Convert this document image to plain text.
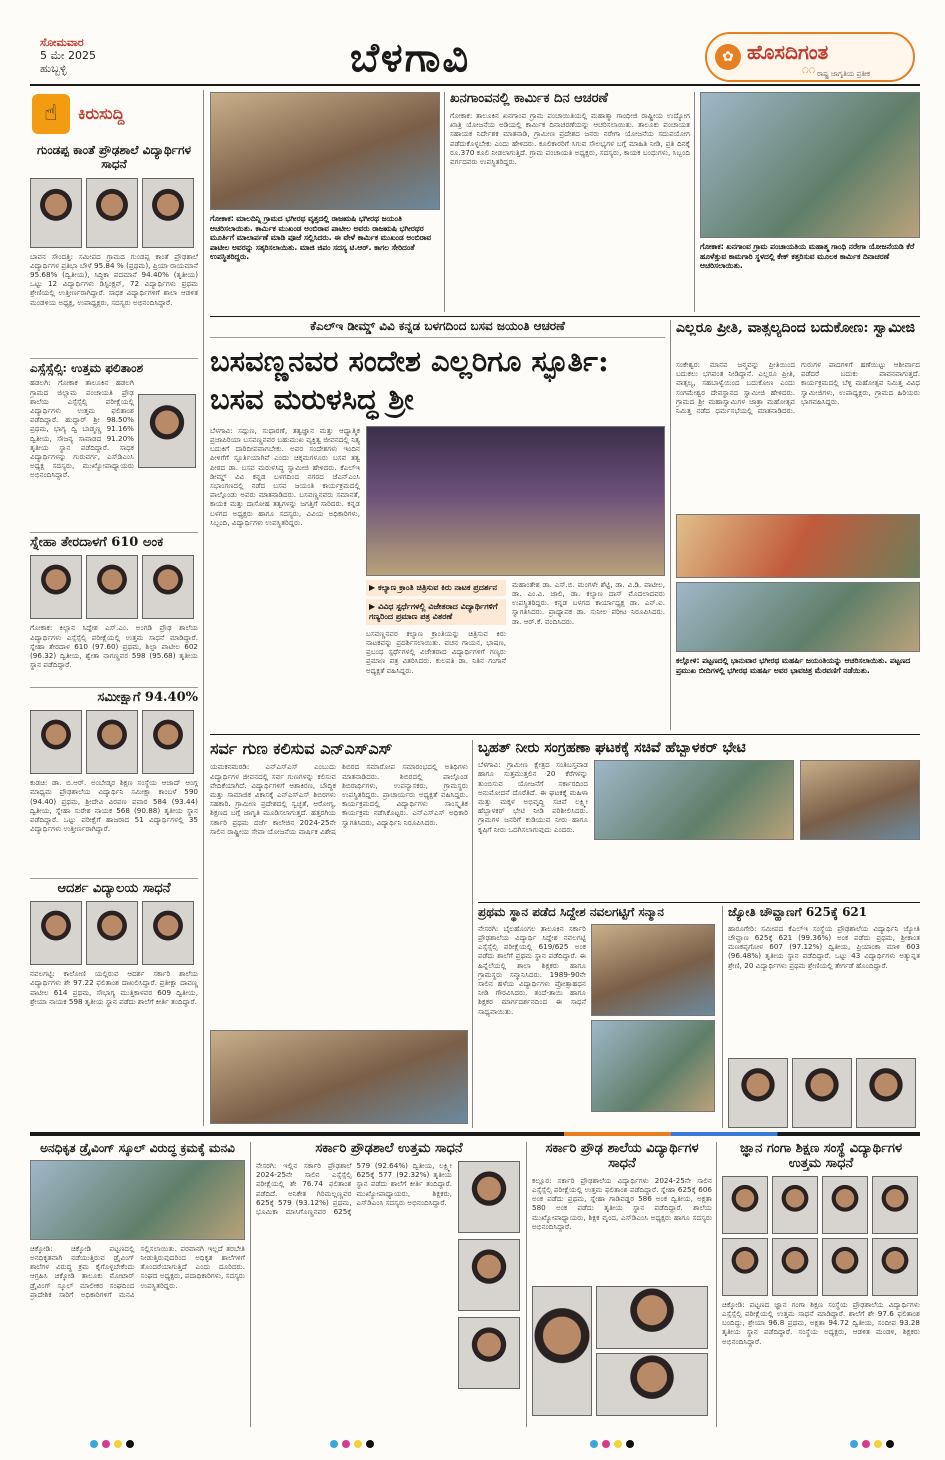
ಸೋಮವಾರ
5 ಮೇ 2025
ಹುಬ್ಬಳ್ಳಿ	ಬೆಳಗಾವಿ	✿ ಹೊಸದಿಗಂತ
೧೧ ರಾಷ್ಟ್ರ ಜಾಗೃತಿಯ ಪ್ರತೀಕ
☝	ಕಿರುಸುದ್ದಿ
ಗುಂಡಪ್ಪ ಕಾಂತೆ ಪ್ರೌಢಶಾಲೆ ವಿದ್ಯಾರ್ಥಿಗಳ ಸಾಧನೆ
ಬಾವನ ಸೌಂದತ್ತಿ: ಸಮೀಪದ ಗ್ರಾಮದ ಗುಂಡಪ್ಪ ಕಾಂತೆ ಪ್ರೌಢಶಾಲೆ ವಿದ್ಯಾರ್ಥಿಗಳ ಪ್ರತಿಭಾ ಬೌಳೆ 95.84 % (ಪ್ರಥಮ), ಪ್ರಿಯಾ ರಾಯಮಾನೆ 95.68% (ದ್ವಿತೀಯ), ಸಿದ್ಧಿಕಾ ಪದಮಾನೆ 94.40% (ತೃತೀಯ) ಒಟ್ಟು 12 ವಿದ್ಯಾರ್ಥಿಗಳು ಡಿಸ್ಟಿಂಕ್ಷನ್, 72 ವಿದ್ಯಾರ್ಥಿಗಳು ಪ್ರಥಮ ಶ್ರೇಣಿಯಲ್ಲಿ ಉತ್ತೀರ್ಣರಾಗಿದ್ದಾರೆ. ಸಾಧಕ ವಿದ್ಯಾರ್ಥಿಗಳಿಗೆ ಶಾಲಾ ಆಡಳಿತ ಮಂಡಳಿಯ ಅಧ್ಯಕ್ಷ, ಉಪಾಧ್ಯಕ್ಷರು, ಸದಸ್ಯರು ಅಭಿನಂದಿಸಿದ್ದಾರೆ.
ಎಸ್ಸೆಸ್ಸೆಲ್ಸಿ: ಉತ್ತಮ ಫಲಿತಾಂಶ
ಹಡಲಗಿ: ಗೋಕಾಕ ತಾಲೂಕಿನ ಹಡಲಗಿ ಗ್ರಾಮದ ಜಿಲ್ಲಾಮ ಪಂಚಾಯತಿ ಪ್ರೌಢ ಶಾಲೆಯ ಎಸ್ಸೆಸ್ಸೆಲ್ಸಿ ಪರೀಕ್ಷೆಯಲ್ಲಿ ವಿದ್ಯಾರ್ಥಿಗಳು ಉತ್ತಮ ಫಲಿತಾಂಶ ಪಡೆದಿದ್ದಾರೆ. ಹುದ್ದಾರ್‌ ಶ್ರೀ 98.50% ಪ್ರಥಮ, ಭಾಗ್ಯ ದ್ವಿ ಬಾಡ್ಮಣ್ಣ 91.16% ದ್ವಿತೀಯ, ಸೌಜನ್ಯ ಸಾವಾಡದ 91.20% ತೃತೀಯ ಸ್ಥಾನ ಪಡೆದಿದ್ದಾರೆ. ಸಾಧಕ ವಿದ್ಯಾರ್ಥಿಗಳನ್ನು ಗುರುವರ್ಗ, ಎಸ್‌ಡಿಎಂಸಿ ಅಧ್ಯಕ್ಷ ಸದಸ್ಯರು, ಮುಖ್ಯೋಪಾಧ್ಯಾಯರು ಅಭಿನಂದಿಸಿದ್ದಾರೆ.
ಸ್ನೇಹಾ ತೇರದಾಳಗೆ 610 ಅಂಕ
ಗೋಕಾಕ: ಕಿಲ್ಲಾನ ಸಿದ್ದೇಶ ಎಸ್‌.ಎಂ. ಅಂಗಡಿ ಪ್ರೌಢ ಶಾಲೆಯ ವಿದ್ಯಾರ್ಥಿಗಳು ಎಸ್ಸೆಸ್ಸೆಲ್ಸಿ ಪರೀಕ್ಷೆಯಲ್ಲಿ ಉತ್ತಮ ಸಾಧನೆ ಮಾಡಿದ್ದಾರೆ. ಸ್ನೇಹಾ ತೇರದಾಳ 610 (97.60) ಪ್ರಥಮ, ಶಿಲ್ಪಾ ಪಾಟೀಲ 602 (96.32) ದ್ವಿತೀಯ, ಶ್ವೇತಾ ನಾಗಣ್ಣವರ 598 (95.68) ತೃತೀಯ ಸ್ಥಾನ ಪಡೆದಿದ್ದಾರೆ.
ಸಮೀಕ್ಷಾಗೆ 94.40%
ಕುಡಚಿ: ಡಾ. ಬಿ.ಆರ್‌. ಅಂಬೇಡ್ಕರ ಶಿಕ್ಷಣ ಸಂಸ್ಥೆಯ ಆಜಾದ್‌ ಆಂಗ್ಲ ಮಾಧ್ಯಮ ಪ್ರೌಢಶಾಲೆಯ ವಿದ್ಯಾರ್ಥಿನಿ ಸಮೀಕ್ಷಾ ಕಾಂಬಳೆ 590 (94.40) ಪ್ರಥಮ, ಶ್ರೀದೇವಿ ವಿರಪಣ ಪವಾರ 584 (93.44) ದ್ವಿತೀಯ, ಸ್ನೇಹಾ ಸುರೇಶ ನಾಯಕ 568 (90.88) ತೃತೀಯ ಸ್ಥಾನ ಪಡೆದಿದ್ದಾರೆ. ಒಟ್ಟು ಪರೀಕ್ಷೆಗೆ ಹಾಜರಾದ 51 ವಿದ್ಯಾರ್ಥಿಗಳಲ್ಲಿ 35 ವಿದ್ಯಾರ್ಥಿಗಳು ಉತ್ತೀರ್ಣರಾಗಿದ್ದಾರೆ.
ಆದರ್ಶ ವಿದ್ಯಾಲಯ ಸಾಧನೆ
ನವಲಗಟ್ಟಿ: ಕಾಲೋಣಿ ಯಲ್ಲಿರುವ ಆದರ್ಶ ಸರ್ಕಾರಿ ಶಾಲೆಯ ವಿದ್ಯಾರ್ಥಿಗಳು ಶೇ 97.22 ಫಲಿತಾಂಶ ದಾಖಲಿಸಿದ್ದಾರೆ. ಪ್ರತೀಕ್ಷಾ ದಾವಣ್ಣ ಪಾಟೀಲ 614 ಪ್ರಥಮ, ಸೌಭಾಗ್ಯ ಮುತ್ತಿಕಾಳವರ 609 ದ್ವಿತೀಯ, ಶ್ರೇಯಾ ನಾಯಕ 598 ತೃತೀಯ ಸ್ಥಾನ ಪಡೆದು ಶಾಲೆಗೆ ಕೀರ್ತಿ ತಂದಿದ್ದಾರೆ.
ಗೋಕಾಕ: ಮಾಲದಿನ್ನಿ ಗ್ರಾಮದ ಭಗೀರಥ ವೃತ್ತದಲ್ಲಿ ರಾಜಋಷಿ ಭಗೀರಥ ಜಯಂತಿ ಆಚರಿಸಲಾಯಿತು. ಕಾರ್ಮಿಕ ಮುಖಂಡ ಅಂಬಿರಾವ ಪಾಟೀಲ ಅವರು ರಾಜಋಷಿ ಭಗೀರಥರ ಮೂರ್ತಿಗೆ ಮಾಲಾರ್ಪಣೆ ಮಾಡಿ ಪೂಜೆ ಸಲ್ಲಿಸಿದರು. ಈ ವೇಳೆ ಕಾರ್ಮಿಕ ಮುಖಂಡ ಅಂಬಿರಾವ ಪಾಟೀಲ ಅವರನ್ನು ಸತ್ಕರಿಸಲಾಯಿತು. ಮಾಜಿ ಜಿಪಂ ಸದಸ್ಯ ಟಿ.ಆರ್‌. ಕಾಗಲ ಸೇರಿದಂತೆ ಉಪಸ್ಥಿತರಿದ್ದರು.
ಖನಗಾಂವನಲ್ಲಿ ಕಾರ್ಮಿಕ ದಿನ ಆಚರಣೆ
ಗೋಕಾಕ: ತಾಲೂಕಿನ ಖನಗಾಂವ ಗ್ರಾಮ ಪಂಚಾಯಿತಿಯಲ್ಲಿ ಮಹಾತ್ಮಾ ಗಾಂಧೀಜಿ ರಾಷ್ಟ್ರೀಯ ಉದ್ಯೋಗ ಖಾತ್ರಿ ಯೋಜನೆಯ ಅಡಿಯಲ್ಲಿ ಕಾರ್ಮಿಕ ದಿನಾಚರಣೆಯನ್ನು ಆಚರಿಸಲಾಯಿತು. ತಾಲೂಕು ಪಂಚಾಯತ ಸಹಾಯಕ ನಿರ್ದೇಶಕ ಮಾತನಾಡಿ, ಗ್ರಾಮೀಣ ಪ್ರದೇಶದ ಜನರು ನರೇಗಾ ಯೋಜನೆಯ ಸದುಪಯೋಗ ಪಡೆದುಕೊಳ್ಳಬೇಕು ಎಂದು ಹೇಳಿದರು. ಕೂಲಿಕಾರರಿಗೆ ಸಿಗುವ ಸೌಲಭ್ಯಗಳ ಬಗ್ಗೆ ಮಾಹಿತಿ ನೀಡಿ, ಪ್ರತಿ ದಿನಕ್ಕೆ ರೂ.370 ಕೂಲಿ ನೀಡಲಾಗುತ್ತಿದೆ. ಗ್ರಾಮ ಪಂಚಾಯತಿ ಅಧ್ಯಕ್ಷರು, ಸದಸ್ಯರು, ಕಾಯಕ ಬಂಧುಗಳು, ಸಿಬ್ಬಂದಿ ವರ್ಗದವರು ಉಪಸ್ಥಿತರಿದ್ದರು.
ಗೋಕಾಕ: ಖನಗಾಂವ ಗ್ರಾಮ ಪಂಚಾಯತಿಯ ಮಹಾತ್ಮ ಗಾಂಧಿ ನರೇಗಾ ಯೋಜನೆಯಡಿ ಕೆರೆ ಹೂಳೆತ್ತುವ ಕಾಮಗಾರಿ ಸ್ಥಳದಲ್ಲಿ ಕೇಕ್ ಕತ್ತರಿಸುವ ಮೂಲಕ ಕಾರ್ಮಿಕ ದಿನಾಚರಣೆ ಆಚರಿಸಲಾಯಿತು.
ಕೆಎಲ್‌ಇ ಡೀಮ್ಡ್ ವಿವಿ ಕನ್ನಡ ಬಳಗದಿಂದ ಬಸವ ಜಯಂತಿ ಆಚರಣೆ
ಬಸವಣ್ಣನವರ ಸಂದೇಶ ಎಲ್ಲರಿಗೂ ಸ್ಫೂರ್ತಿ: ಬಸವ ಮರುಳಸಿದ್ಧ ಶ್ರೀ
ಬೆಳಗಾವಿ: ಸದ್ಗುಣ, ಸುಧಾರಣೆ, ತತ್ವಜ್ಞಾನ ಮತ್ತು ಆಧ್ಯಾತ್ಮಿಕ ಪ್ರಜಾಪಿರಿಯಾ ಬಸವಣ್ಣನವರ ಬಹುಮುಖ ವ್ಯಕ್ತಿತ್ವ ಜೀವನದಲ್ಲಿ ನಿತ್ಯ ಬದುಕಿಗೆ ದಾರಿದೀಪವಾಗಬೇಕು. ಅವರ ಸಂದೇಶಗಳು ಇಂದಿನ ಪೀಳಿಗೆಗೆ ಸ್ಫೂರ್ತಿಯಾಗಿವೆ ಎಂದು ಚಿಕ್ಕಮಗಳೂರು ಬಸವ ತತ್ವ ಪೀಠದ ಡಾ. ಬಸವ ಮರುಳಸಿದ್ಧ ಸ್ವಾಮೀಜಿ ಹೇಳಿದರು. ಕೆಎಲ್‌ಇ ಡೀಮ್ಡ್ ವಿವಿ ಕನ್ನಡ ಬಳಗದಿಂದ ನಗರದ ಜೆಎನ್‌ಎಂಸಿ ಸಭಾಂಗಣದಲ್ಲಿ ನಡೆದ ಬಸವ ಜಯಂತಿ ಕಾರ್ಯಕ್ರಮದಲ್ಲಿ ಪಾಲ್ಗೊಂಡು ಅವರು ಮಾತನಾಡಿದರು. ಬಸವಣ್ಣನವರು ಸಮಾನತೆ, ಕಾಯಕ ಮತ್ತು ದಾಸೋಹ ತತ್ವಗಳನ್ನು ಜಗತ್ತಿಗೆ ಸಾರಿದರು. ಕನ್ನಡ ಬಳಗದ ಅಧ್ಯಕ್ಷರು ಹಾಗೂ ಸದಸ್ಯರು, ವಿವಿಯ ಅಧಿಕಾರಿಗಳು, ಸಿಬ್ಬಂದಿ, ವಿದ್ಯಾರ್ಥಿಗಳು ಉಪಸ್ಥಿತರಿದ್ದರು.
▶ ಕಲ್ಯಾಣ ಕ್ರಾಂತಿ ಚಿತ್ರಿಸುವ ಕಿರು ನಾಟಕ ಪ್ರದರ್ಶನ
▶ ವಿವಿಧ ಸ್ಪರ್ಧೆಗಳಲ್ಲಿ ವಿಜೇತರಾದ ವಿದ್ಯಾರ್ಥಿಗಳಿಗೆ ಗಣ್ಯರಿಂದ ಪ್ರಮಾಣ ಪತ್ರ ವಿತರಣೆ
ಬಸವಣ್ಣನವರ ಕಲ್ಯಾಣ ಕ್ರಾಂತಿಯನ್ನು ಚಿತ್ರಿಸುವ ಕಿರು ನಾಟಕವನ್ನು ಪ್ರದರ್ಶಿಸಲಾಯಿತು. ವಚನ ಗಾಯನ, ಭಾಷಣ, ಪ್ರಬಂಧ ಸ್ಪರ್ಧೆಗಳಲ್ಲಿ ವಿಜೇತರಾದ ವಿದ್ಯಾರ್ಥಿಗಳಿಗೆ ಗಣ್ಯರು ಪ್ರಮಾಣ ಪತ್ರ ವಿತರಿಸಿದರು. ಕುಲಪತಿ ಡಾ. ನಿತಿನ ಗಂಗಾನೆ ಅಧ್ಯಕ್ಷತೆ ವಹಿಸಿದ್ದರು.
ಮಹಾಂತೇಶ ಡಾ. ಎಸ್‌.ಬಿ. ಮಂಗಳೇ ಶೆಟ್ಟಿ, ಡಾ. ವಿ.ಡಿ. ಪಾಟೀಲ, ಡಾ. ಎಂ.ವಿ. ಜಾಲಿ, ಡಾ. ಕಲ್ಯಾಣ ದಾಸ್‌ ಮೊದಲಾದವರು ಉಪಸ್ಥಿತರಿದ್ದರು. ಕನ್ನಡ ಬಳಗದ ಕಾರ್ಯಾಧ್ಯಕ್ಷ ಡಾ. ಎನ್‌.ಐ. ಸ್ವಾಗತಿಸಿದರು. ಪ್ರಾಧ್ಯಾಪಕ ಡಾ. ಸುನೀಲ ಪರೀಟ ನಿರೂಪಿಸಿದರು. ಡಾ. ಆರ್‌.ಕೆ. ವಂದಿಸಿದರು.
ಎಲ್ಲರೂ ಪ್ರೀತಿ, ವಾತ್ಸಲ್ಯದಿಂದ ಬದುಕೋಣ: ಸ್ವಾಮೀಜಿ
ಸಂಕೇಶ್ವರ: ಮಾನವ ಜನ್ಮವನ್ನು ಪ್ರೀತಿಯಿಂದ ಬದುಕಲು ಭಗವಂತ ನೀಡಿದ್ದಾನೆ. ಎಲ್ಲರೂ ಪ್ರೀತಿ, ವಾತ್ಸಲ್ಯ, ಸಹಬಾಳ್ವೆಯಿಂದ ಬದುಕೋಣ ಎಂದು ಸಂಗಮೇಶ್ವರ ದೇವಸ್ಥಾನದ ಸ್ವಾಮೀಜಿ ಹೇಳಿದರು. ಗ್ರಾಮದ ಶ್ರೀ ಮಹಾಸ್ವಾಮಿಗಳ ಜಾತ್ರಾ ಮಹೋತ್ಸವ ನಿಮಿತ್ತ ನಡೆದ ಧರ್ಮಸಭೆಯಲ್ಲಿ ಮಾತನಾಡಿದರು. ಗುರುಗಳ ಪಾದಗಳಿಗೆ ಹಣೆಯಿಟ್ಟು ಆಶೀರ್ವಾದ ಪಡೆದರೆ ಬದುಕು ಪಾವನವಾಗುತ್ತದೆ. ಕಾರ್ಯಕ್ರಮದಲ್ಲಿ ಬೆಳ್ಳಿ ಮಹೋತ್ಸವ ನಿಮಿತ್ತ ವಿವಿಧ ಸ್ವಾಮೀಜಿಗಳು, ಉಪಾಧ್ಯಕ್ಷರು, ಗ್ರಾಮದ ಹಿರಿಯರು ಭಾಗವಹಿಸಿದ್ದರು.
ಕಲ್ಲೋಳಿ: ಪಟ್ಟಣದಲ್ಲಿ ಭಾನುವಾರ ಭಗೀರಥ ಮಹರ್ಷಿ ಜಯಂತಿಯನ್ನು ಆಚರಿಸಲಾಯಿತು. ಪಟ್ಟಣದ ಪ್ರಮುಖ ಬೀದಿಗಳಲ್ಲಿ ಭಗೀರಥ ಮಹರ್ಷಿ ಅವರ ಭಾವಚಿತ್ರ ಮೆರವಣಿಗೆ ನಡೆಯಿತು.
ಸರ್ವ ಗುಣ ಕಲಿಸುವ ಎನ್‌ಎಸ್‌ಎಸ್
ಯಮಕನಮರಡಿ: ಎನ್‌ಎಸ್‌ಎಸ್ ಎಂಬುದು ವಿದ್ಯಾರ್ಥಿಗಳ ಜೀವನದಲ್ಲಿ ಸರ್ವ ಗುಣಗಳನ್ನು ಕಲಿಸುವ ವೇದಿಕೆಯಾಗಿದೆ. ವಿದ್ಯಾರ್ಥಿಗಳಿಗೆ ಆಶಾಕಿರಣ, ಬೌದ್ಧಿಕ ಮತ್ತು ಸಾಮಾಜಿಕ ವಿಕಾಸಕ್ಕೆ ಎನ್‌ಎಸ್‌ಎಸ್ ಶಿಬಿರಗಳು ಸಹಕಾರಿ. ಗ್ರಾಮೀಣ ಪ್ರದೇಶದಲ್ಲಿ ಸ್ವಚ್ಛತೆ, ಆರೋಗ್ಯ, ಶಿಕ್ಷಣದ ಬಗ್ಗೆ ಜಾಗೃತಿ ಮೂಡಿಸಲಾಗುತ್ತದೆ. ಹತ್ತರಗಿಯ ಸರ್ಕಾರಿ ಪ್ರಥಮ ದರ್ಜೆ ಕಾಲೇಜಿನ 2024-25ನೇ ಸಾಲಿನ ರಾಷ್ಟ್ರೀಯ ಸೇವಾ ಯೋಜನೆಯ ವಾರ್ಷಿಕ ವಿಶೇಷ ಶಿಬಿರದ ಸಮಾರೋಪ ಸಮಾರಂಭದಲ್ಲಿ ಅತಿಥಿಗಳು ಮಾತನಾಡಿದರು. ಶಿಬಿರದಲ್ಲಿ ಪಾಲ್ಗೊಂಡ ಶಿಬಿರಾರ್ಥಿಗಳು, ಉಪನ್ಯಾಸಕರು, ಗ್ರಾಮಸ್ಥರು ಉಪಸ್ಥಿತರಿದ್ದರು. ಪ್ರಾಚಾರ್ಯರು ಅಧ್ಯಕ್ಷತೆ ವಹಿಸಿದ್ದರು. ಕಾರ್ಯಕ್ರಮದಲ್ಲಿ ವಿದ್ಯಾರ್ಥಿಗಳು ಸಾಂಸ್ಕೃತಿಕ ಕಾರ್ಯಕ್ರಮ ನಡೆಸಿಕೊಟ್ಟರು. ಎನ್‌ಎಸ್‌ಎಸ್ ಅಧಿಕಾರಿ ಸ್ವಾಗತಿಸಿದರು, ವಿದ್ಯಾರ್ಥಿನಿ ನಿರೂಪಿಸಿದರು.
ಬೃಹತ್ ನೀರು ಸಂಗ್ರಹಣಾ ಘಟಕಕ್ಕೆ ಸಚಿವೆ ಹೆಬ್ಬಾಳಕರ್ ಭೇಟಿ
ಬೆಳಗಾವಿ: ಗ್ರಾಮೀಣ ಕ್ಷೇತ್ರದ ಸಂತಿಬಸ್ತವಾಡ ಹಾಗೂ ಸುತ್ತಮುತ್ತಲಿನ 20 ಕೆರೆಗಳನ್ನು ತುಂಬಿಸುವ ಯೋಜನೆಗೆ ಸರ್ಕಾರದಿಂದ ಅನುಮೋದನೆ ದೊರೆತಿದೆ. ಈ ಘಟಕಕ್ಕೆ ಮಹಿಳಾ ಮತ್ತು ಮಕ್ಕಳ ಅಭಿವೃದ್ಧಿ ಸಚಿವೆ ಲಕ್ಷ್ಮೀ ಹೆಬ್ಬಾಳಕರ್ ಭೇಟಿ ನೀಡಿ ಪರಿಶೀಲಿಸಿದರು. ಗ್ರಾಮಗಳ ಜನರಿಗೆ ಕುಡಿಯುವ ನೀರು ಹಾಗೂ ಕೃಷಿಗೆ ನೀರು ಒದಗಿಸಲಾಗುವುದು ಎಂದರು.
ಪ್ರಥಮ ಸ್ಥಾನ ಪಡೆದ ಸಿದ್ದೇಶ ನವಲಗಟ್ಟಿಗೆ ಸನ್ಮಾನ
ನೇಸರಗಿ: ಬೈಲಹೊಂಗಲ ತಾಲೂಕಿನ ಸರ್ಕಾರಿ ಪ್ರೌಢಶಾಲೆಯ ವಿದ್ಯಾರ್ಥಿ ಸಿದ್ದೇಶ ನವಲಗಟ್ಟಿ ಎಸ್ಸೆಸ್ಸೆಲ್ಸಿ ಪರೀಕ್ಷೆಯಲ್ಲಿ 619/625 ಅಂಕ ಪಡೆದು ಶಾಲೆಗೆ ಪ್ರಥಮ ಸ್ಥಾನ ಪಡೆದಿದ್ದಾರೆ. ಈ ಹಿನ್ನೆಲೆಯಲ್ಲಿ ಶಾಲಾ ಶಿಕ್ಷಕರು ಹಾಗೂ ಗ್ರಾಮಸ್ಥರು ಸನ್ಮಾನಿಸಿದರು. 1989-90ನೇ ಸಾಲಿನ ಹಳೆಯ ವಿದ್ಯಾರ್ಥಿಗಳು ಪ್ರೋತ್ಸಾಹಧನ ನೀಡಿ ಗೌರವಿಸಿದರು. ತಂದೆ-ತಾಯಿ ಹಾಗೂ ಶಿಕ್ಷಕರ ಮಾರ್ಗದರ್ಶನದಿಂದ ಈ ಸಾಧನೆ ಸಾಧ್ಯವಾಯಿತು.
ಜ್ಯೋತಿ ಚೌವ್ಹಾಣಗೆ 625ಕ್ಕೆ 621
ಹಾರೂಗೇರಿ: ಸಮೀಪದ ಕೆಎಲ್‌ಇ ಸಂಸ್ಥೆಯ ಪ್ರೌಢಶಾಲೆಯ ವಿದ್ಯಾರ್ಥಿನಿ ಜ್ಯೋತಿ ಚೌವ್ಹಾಣ 625ಕ್ಕೆ 621 (99.36%) ಅಂಕ ಪಡೆದು ಪ್ರಥಮ, ಶ್ರೀಕಾಂತ ಮಣಕಪ್ಪಗೋಳ 607 (97.12%) ದ್ವಿತೀಯ, ಪ್ರಿಯಾಂಕಾ ಮಾಳಿ 603 (96.48%) ತೃತೀಯ ಸ್ಥಾನ ಪಡೆದಿದ್ದಾರೆ. ಒಟ್ಟು 43 ವಿದ್ಯಾರ್ಥಿಗಳು ಅತ್ಯುನ್ನತ ಶ್ರೇಣಿ, 20 ವಿದ್ಯಾರ್ಥಿಗಳು ಪ್ರಥಮ ಶ್ರೇಣಿಯಲ್ಲಿ ತೇರ್ಗಡೆ ಹೊಂದಿದ್ದಾರೆ.
ಅನಧಿಕೃತ ಡ್ರೈವಿಂಗ್ ಸ್ಕೂಲ್ ವಿರುದ್ಧ ಕ್ರಮಕ್ಕೆ ಮನವಿ
ಚಿಕ್ಕೋಡಿ: ಚಿಕ್ಕೋಡಿ ಪಟ್ಟಣದಲ್ಲಿ ಅನಧಿಕೃತವಾಗಿ ನಡೆಯುತ್ತಿರುವ ಡ್ರೈವಿಂಗ್ ಶಾಲೆಗಳ ವಿರುದ್ಧ ಕ್ರಮ ಕೈಗೊಳ್ಳಬೇಕೆಂದು ಆಗ್ರಹಿಸಿ ಚಿಕ್ಕೋಡಿ ತಾಲೂಕು ಮೋಟಾರ್ ಡ್ರೈವಿಂಗ್ ಸ್ಕೂಲ್ ಮಾಲೀಕರ ಸಂಘದಿಂದ ಪ್ರಾದೇಶಿಕ ಸಾರಿಗೆ ಅಧಿಕಾರಿಗಳಿಗೆ ಮನವಿ ಸಲ್ಲಿಸಲಾಯಿತು. ಪರವಾನಗಿ ಇಲ್ಲದೆ ತರಬೇತಿ ನೀಡುತ್ತಿರುವುದರಿಂದ ಅಧಿಕೃತ ಶಾಲೆಗಳಿಗೆ ತೊಂದರೆಯಾಗುತ್ತಿದೆ ಎಂದು ದೂರಿದರು. ಸಂಘದ ಅಧ್ಯಕ್ಷರು, ಪದಾಧಿಕಾರಿಗಳು, ಸದಸ್ಯರು ಉಪಸ್ಥಿತರಿದ್ದರು.
ಸರ್ಕಾರಿ ಪ್ರೌಢಶಾಲೆ ಉತ್ತಮ ಸಾಧನೆ
ನೇಸರಗಿ: ಇಲ್ಲಿನ ಸರ್ಕಾರಿ ಪ್ರೌಢಶಾಲೆ 2024-25ನೇ ಸಾಲಿನ ಎಸ್ಸೆಸ್ಸೆಲ್ಸಿ ಪರೀಕ್ಷೆಯಲ್ಲಿ ಶೇ 76.74 ಫಲಿತಾಂಶ ಪಡೆದಿದೆ. ಅನಿಕೇತ ಗಿರಿಮಲ್ಲಣ್ಣವರ 625ಕ್ಕೆ 579 (93.12%) ಪ್ರಥಮ, ಭೂಮಿಕಾ ಮಾಸಿಗೊಣ್ಣನವರ 625ಕ್ಕೆ 579 (92.64%) ದ್ವಿತೀಯ, ಲಕ್ಷ್ಮೀ 625ಕ್ಕೆ 577 (92.32%) ತೃತೀಯ ಸ್ಥಾನ ಪಡೆದು ಶಾಲೆಗೆ ಕೀರ್ತಿ ತಂದಿದ್ದಾರೆ. ಮುಖ್ಯೋಪಾಧ್ಯಾಯರು, ಶಿಕ್ಷಕರು, ಎಸ್‌ಡಿಎಂಸಿ ಸದಸ್ಯರು ಅಭಿನಂದಿಸಿದ್ದಾರೆ.
ಸರ್ಕಾರಿ ಪ್ರೌಢ ಶಾಲೆಯ ವಿದ್ಯಾರ್ಥಿಗಳ ಸಾಧನೆ
ಕಲ್ಲೂರ: ಸರ್ಕಾರಿ ಪ್ರೌಢಶಾಲೆಯ ವಿದ್ಯಾರ್ಥಿಗಳು 2024-25ನೇ ಸಾಲಿನ ಎಸ್ಸೆಸ್ಸೆಲ್ಸಿ ಪರೀಕ್ಷೆಯಲ್ಲಿ ಉತ್ತಮ ಫಲಿತಾಂಶ ಪಡೆದಿದ್ದಾರೆ. ಸ್ನೇಹಾ 625ಕ್ಕೆ 606 ಅಂಕ ಪಡೆದು ಪ್ರಥಮ, ಸ್ನೇಹಾ ಗಾಡಿವಡ್ಡರ 586 ಅಂಕ ದ್ವಿತೀಯ, ಅಕ್ಷತಾ 580 ಅಂಕ ಪಡೆದು ತೃತೀಯ ಸ್ಥಾನ ಪಡೆದಿದ್ದಾರೆ. ಶಾಲೆಯ ಮುಖ್ಯೋಪಾಧ್ಯಾಯರು, ಶಿಕ್ಷಕ ವೃಂದ, ಎಸ್‌ಡಿಎಂಸಿ ಅಧ್ಯಕ್ಷರು ಹಾಗೂ ಸದಸ್ಯರು ಅಭಿನಂದಿಸಿದ್ದಾರೆ.
ಜ್ಞಾನ ಗಂಗಾ ಶಿಕ್ಷಣ ಸಂಸ್ಥೆ ವಿದ್ಯಾರ್ಥಿಗಳ ಉತ್ತಮ ಸಾಧನೆ
ಚಿಕ್ಕೋಡಿ: ಪಟ್ಟಣದ ಜ್ಞಾನ ಗಂಗಾ ಶಿಕ್ಷಣ ಸಂಸ್ಥೆಯ ಪ್ರೌಢಶಾಲೆಯ ವಿದ್ಯಾರ್ಥಿಗಳು ಎಸ್ಸೆಸ್ಸೆಲ್ಸಿ ಪರೀಕ್ಷೆಯಲ್ಲಿ ಉತ್ತಮ ಸಾಧನೆ ಮಾಡಿದ್ದಾರೆ. ಶಾಲೆಗೆ ಶೇ 97.6 ಫಲಿತಾಂಶ ಬಂದಿದ್ದು, ಶ್ರೇಯಾ 96.8 ಪ್ರಥಮ, ಅಕ್ಷತಾ 94.72 ದ್ವಿತೀಯ, ಸಂದೀಪ 93.28 ತೃತೀಯ ಸ್ಥಾನ ಪಡೆದಿದ್ದಾರೆ. ಸಂಸ್ಥೆಯ ಅಧ್ಯಕ್ಷರು, ಆಡಳಿತ ಮಂಡಳಿ, ಶಿಕ್ಷಕರು ಅಭಿನಂದಿಸಿದ್ದಾರೆ.
